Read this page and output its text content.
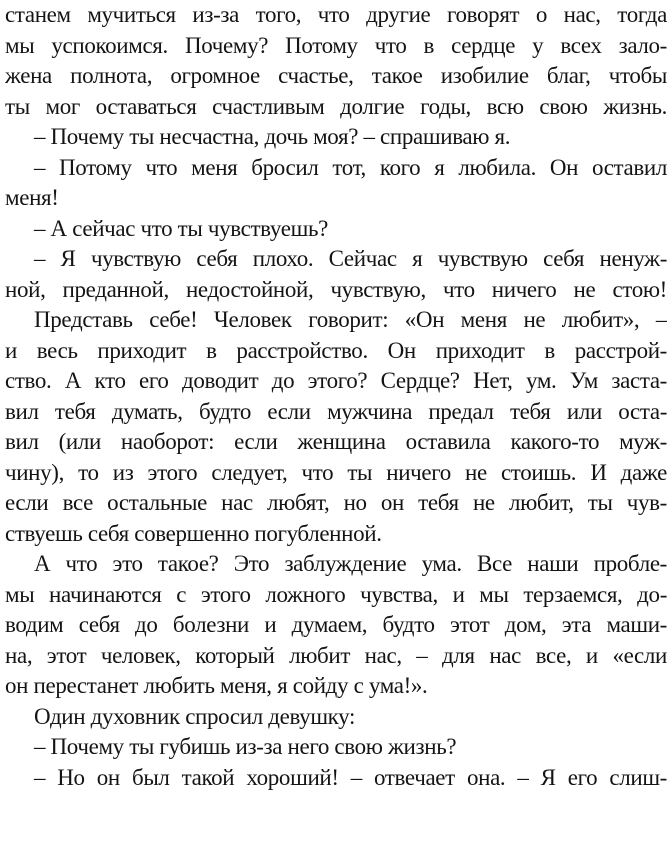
станем мучиться из-за того, что другие говорят о нас, тогда
мы успокоимся. Почему? Потому что в сердце у всех зало-
жена полнота, огромное счастье, такое изобилие благ, чтобы
ты мог оставаться счастливым долгие годы, всю свою жизнь.
– Почему ты несчастна, дочь моя? – спрашиваю я.
– Потому что меня бросил тот, кого я любила. Он оставил
меня!
– А сейчас что ты чувствуешь?
– Я чувствую себя плохо. Сейчас я чувствую себя ненуж-
ной, преданной, недостойной, чувствую, что ничего не стою!
Представь себе! Человек говорит: «Он меня не любит», –
и весь приходит в расстройство. Он приходит в расстрой-
ство. А кто его доводит до этого? Сердце? Нет, ум. Ум заста-
вил тебя думать, будто если мужчина предал тебя или оста-
вил (или наоборот: если женщина оставила какого-то муж-
чину), то из этого следует, что ты ничего не стоишь. И даже
если все остальные нас любят, но он тебя не любит, ты чув-
ствуешь себя совершенно погубленной.
А что это такое? Это заблуждение ума. Все наши пробле-
мы начинаются с этого ложного чувства, и мы терзаемся, до-
водим себя до болезни и думаем, будто этот дом, эта маши-
на, этот человек, который любит нас, – для нас все, и «если
он перестанет любить меня, я сойду с ума!».
Один духовник спросил девушку:
– Почему ты губишь из-за него свою жизнь?
– Но он был такой хороший! – отвечает она. – Я его слиш-
